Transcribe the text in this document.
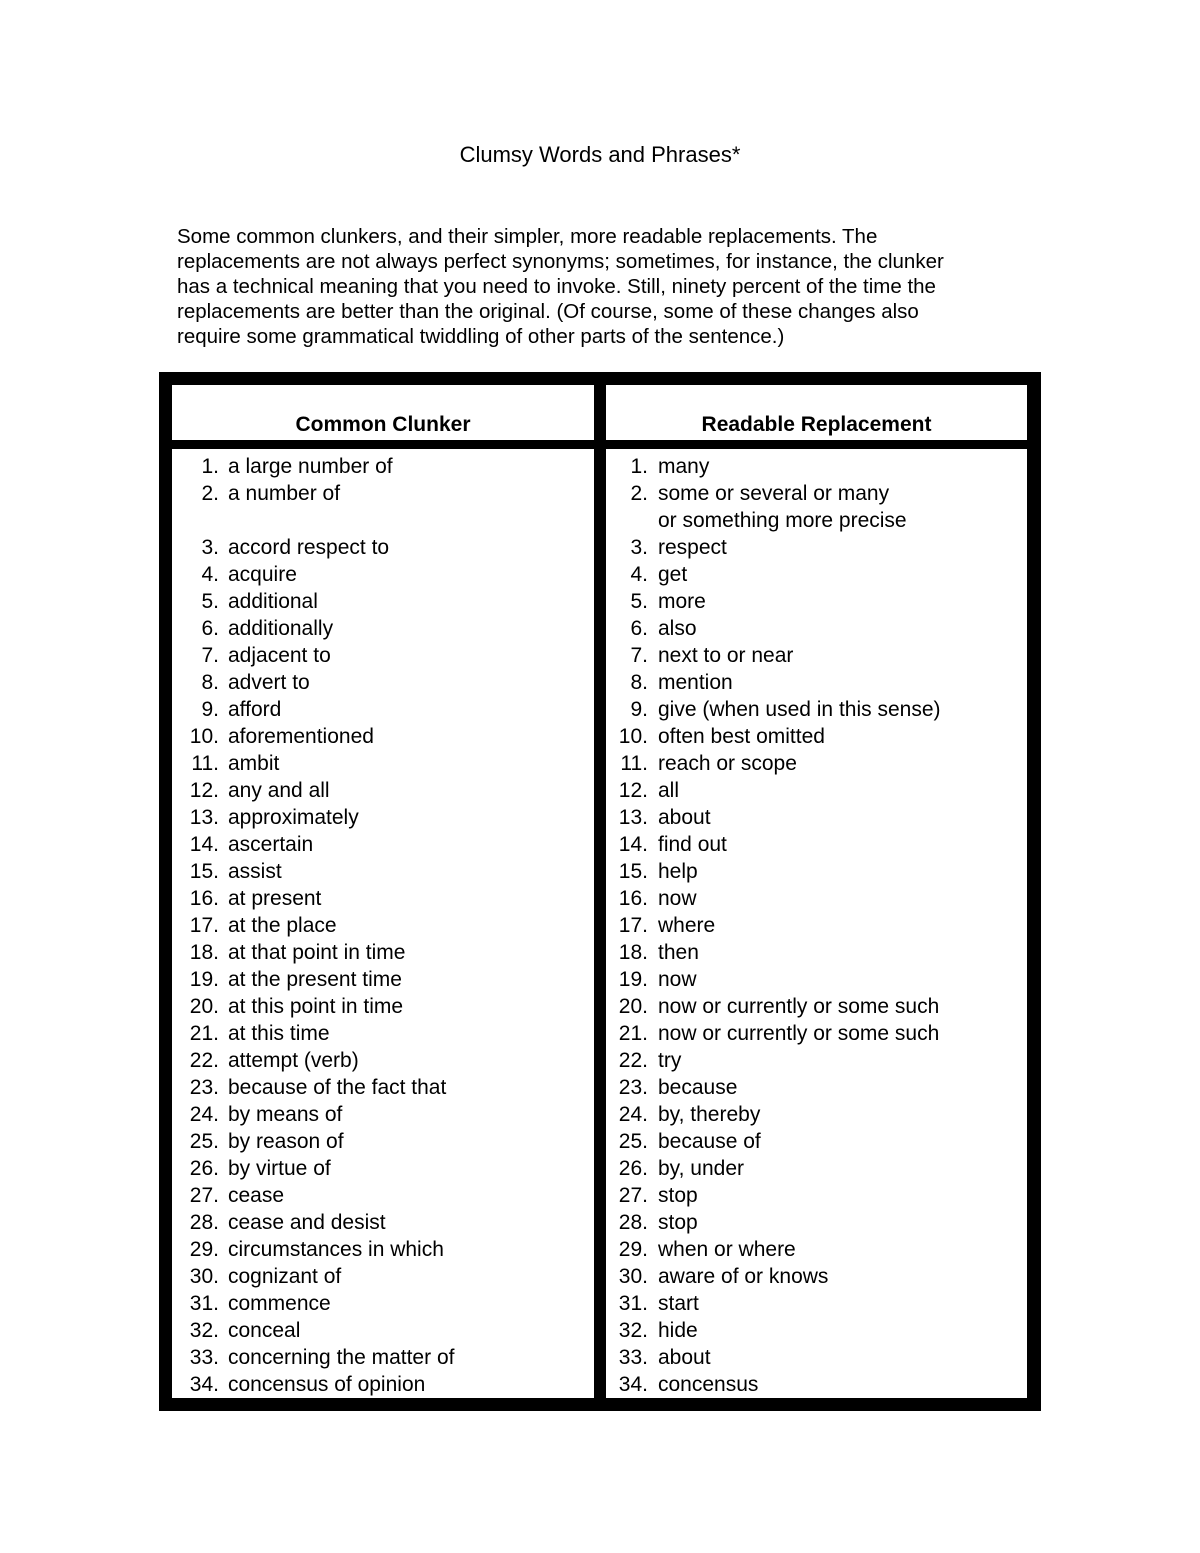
Clumsy Words and Phrases*
Some common clunkers, and their simpler, more readable replacements. The
replacements are not always perfect synonyms; sometimes, for instance, the clunker
has a technical meaning that you need to invoke. Still, ninety percent of the time the
replacements are better than the original. (Of course, some of these changes also
require some grammatical twiddling of other parts of the sentence.)
Common Clunker
1. a large number of
2. a number of
3. accord respect to
4. acquire
5. additional
6. additionally
7. adjacent to
8. advert to
9. afford
10. aforementioned
11. ambit
12. any and all
13. approximately
14. ascertain
15. assist
16. at present
17. at the place
18. at that point in time
19. at the present time
20. at this point in time
21. at this time
22. attempt (verb)
23. because of the fact that
24. by means of
25. by reason of
26. by virtue of
27. cease
28. cease and desist
29. circumstances in which
30. cognizant of
31. commence
32. conceal
33. concerning the matter of
34. concensus of opinion
Readable Replacement
1. many
2. some or several or many
or something more precise
3. respect
4. get
5. more
6. also
7. next to or near
8. mention
9. give (when used in this sense)
10. often best omitted
11. reach or scope
12. all
13. about
14. find out
15. help
16. now
17. where
18. then
19. now
20. now or currently or some such
21. now or currently or some such
22. try
23. because
24. by, thereby
25. because of
26. by, under
27. stop
28. stop
29. when or where
30. aware of or knows
31. start
32. hide
33. about
34. concensus
